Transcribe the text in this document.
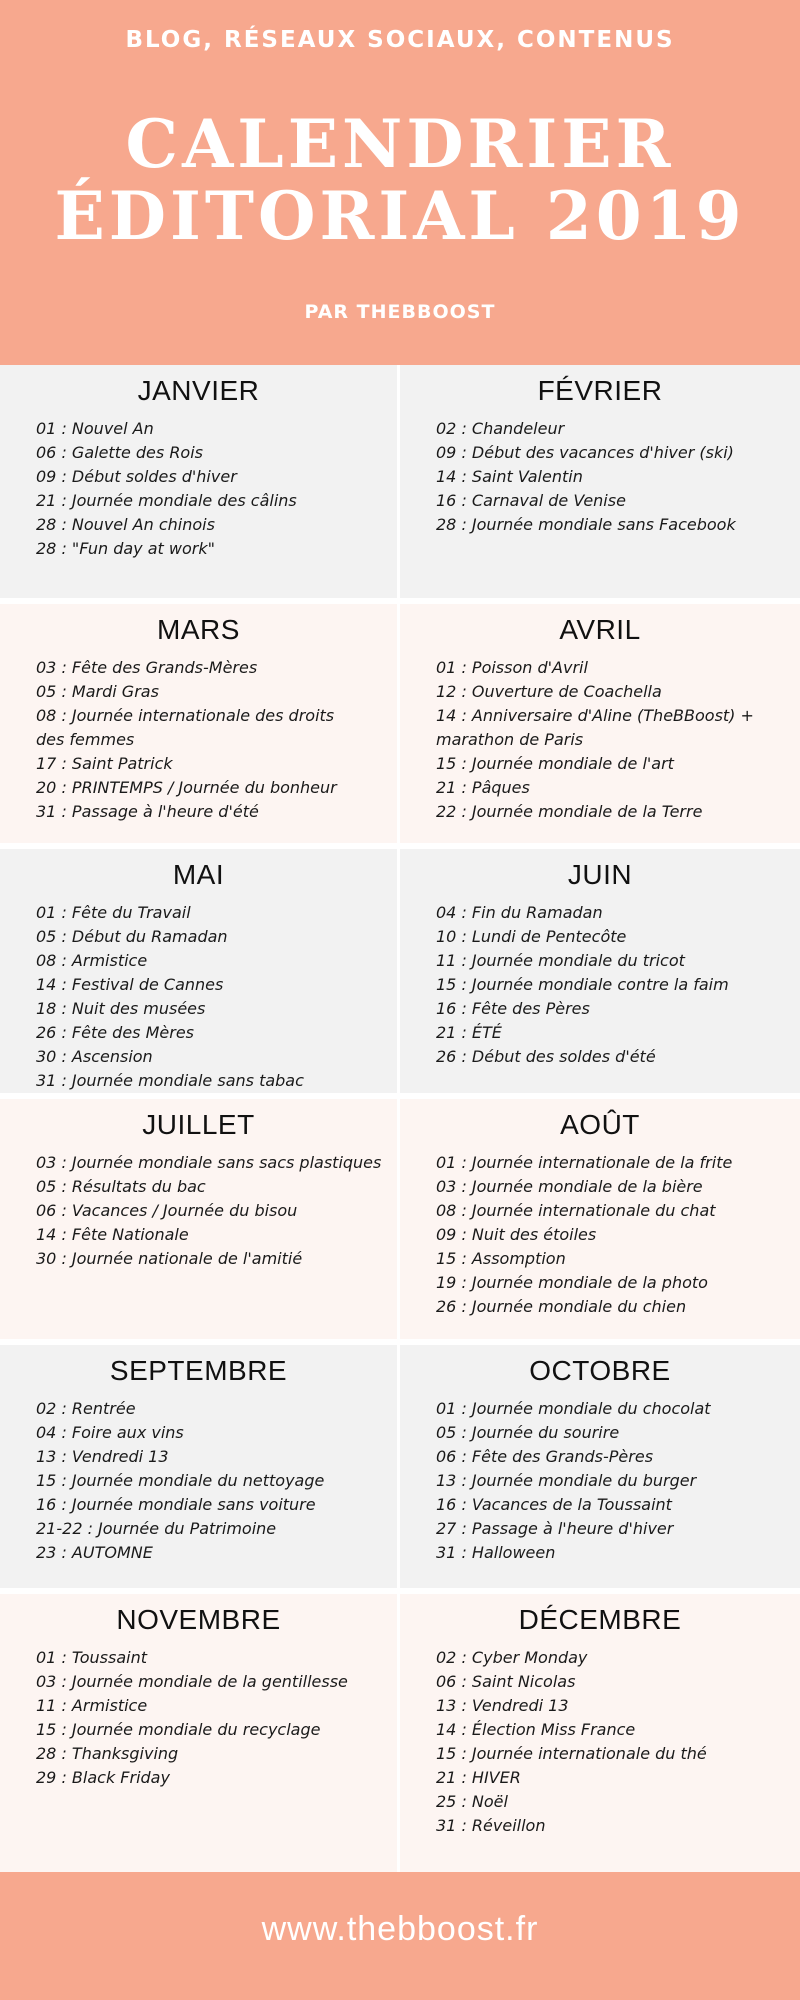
BLOG, RÉSEAUX SOCIAUX, CONTENUS
CALENDRIER
ÉDITORIAL 2019
PAR THEBBOOST
JANVIER
01 : Nouvel An
06 : Galette des Rois
09 : Début soldes d'hiver
21 : Journée mondiale des câlins
28 : Nouvel An chinois
28 : "Fun day at work"
FÉVRIER
02 : Chandeleur
09 : Début des vacances d'hiver (ski)
14 : Saint Valentin
16 : Carnaval de Venise
28 : Journée mondiale sans Facebook
MARS
03 : Fête des Grands-Mères
05 : Mardi Gras
08 : Journée internationale des droits des femmes
17 : Saint Patrick
20 : PRINTEMPS / Journée du bonheur
31 : Passage à l'heure d'été
AVRIL
01 : Poisson d'Avril
12 : Ouverture de Coachella
14 : Anniversaire d'Aline (TheBBoost) + marathon de Paris
15 : Journée mondiale de l'art
21 : Pâques
22 : Journée mondiale de la Terre
MAI
01 : Fête du Travail
05 : Début du Ramadan
08 : Armistice
14 : Festival de Cannes
18 : Nuit des musées
26 : Fête des Mères
30 : Ascension
31 : Journée mondiale sans tabac
JUIN
04 : Fin du Ramadan
10 : Lundi de Pentecôte
11 : Journée mondiale du tricot
15 : Journée mondiale contre la faim
16 : Fête des Pères
21 : ÉTÉ
26 : Début des soldes d'été
JUILLET
03 : Journée mondiale sans sacs plastiques
05 : Résultats du bac
06 : Vacances / Journée du bisou
14 : Fête Nationale
30 : Journée nationale de l'amitié
AOÛT
01 : Journée internationale de la frite
03 : Journée mondiale de la bière
08 : Journée internationale du chat
09 : Nuit des étoiles
15 : Assomption
19 : Journée mondiale de la photo
26 : Journée mondiale du chien
SEPTEMBRE
02 : Rentrée
04 : Foire aux vins
13 : Vendredi 13
15 : Journée mondiale du nettoyage
16 : Journée mondiale sans voiture
21-22 : Journée du Patrimoine
23 : AUTOMNE
OCTOBRE
01 : Journée mondiale du chocolat
05 : Journée du sourire
06 : Fête des Grands-Pères
13 : Journée mondiale du burger
16 : Vacances de la Toussaint
27 : Passage à l'heure d'hiver
31 : Halloween
NOVEMBRE
01 : Toussaint
03 : Journée mondiale de la gentillesse
11 : Armistice
15 : Journée mondiale du recyclage
28 : Thanksgiving
29 : Black Friday
DÉCEMBRE
02 : Cyber Monday
06 : Saint Nicolas
13 : Vendredi 13
14 : Élection Miss France
15 : Journée internationale du thé
21 : HIVER
25 : Noël
31 : Réveillon
www.thebboost.fr
